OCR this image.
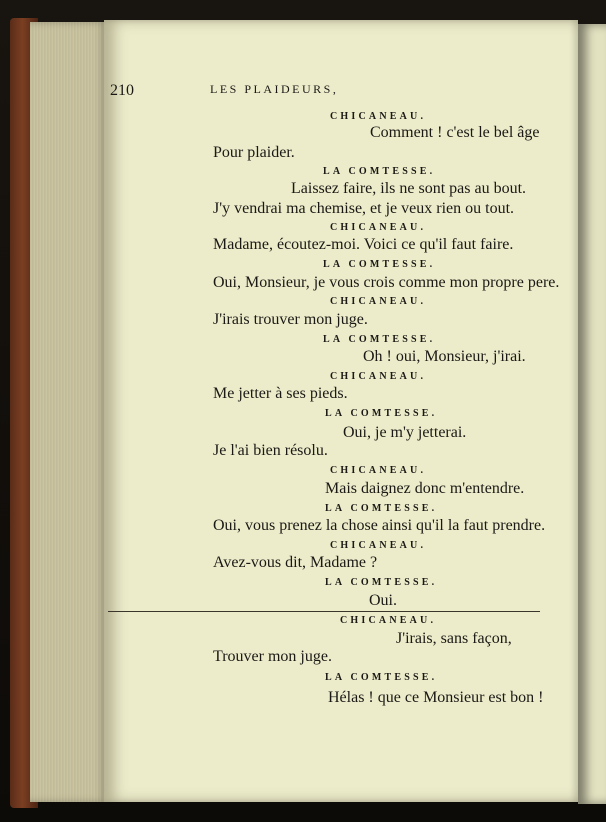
210	LES PLAIDEURS,
CHICANEAU.
Comment ! c'est le bel âge
Pour plaider.
LA COMTESSE.
Laissez faire, ils ne sont pas au bout.
J'y vendrai ma chemise, et je veux rien ou tout.
CHICANEAU.
Madame, écoutez-moi. Voici ce qu'il faut faire.
LA COMTESSE.
Oui, Monsieur, je vous crois comme mon propre pere.
CHICANEAU.
J'irais trouver mon juge.
LA COMTESSE.
Oh ! oui, Monsieur, j'irai.
CHICANEAU.
Me jetter à ses pieds.
LA COMTESSE.
Oui, je m'y jetterai.
Je l'ai bien résolu.
CHICANEAU.
Mais daignez donc m'entendre.
LA COMTESSE.
Oui, vous prenez la chose ainsi qu'il la faut prendre.
CHICANEAU.
Avez-vous dit, Madame ?
LA COMTESSE.
Oui.
CHICANEAU.
J'irais, sans façon,
Trouver mon juge.
LA COMTESSE.
Hélas ! que ce Monsieur est bon !
